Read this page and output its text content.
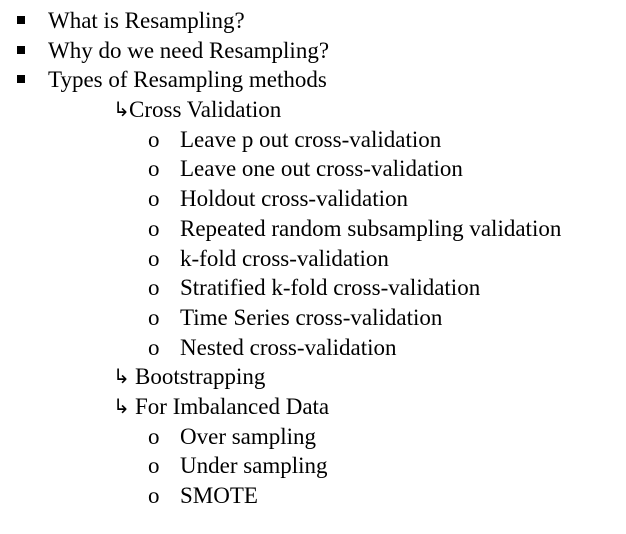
What is Resampling?
Why do we need Resampling?
Types of Resampling methods
↳ Cross Validation
o Leave p out cross-validation
o Leave one out cross-validation
o Holdout cross-validation
o Repeated random subsampling validation
o k-fold cross-validation
o Stratified k-fold cross-validation
o Time Series cross-validation
o Nested cross-validation
↳ Bootstrapping
↳ For Imbalanced Data
o Over sampling
o Under sampling
o SMOTE
